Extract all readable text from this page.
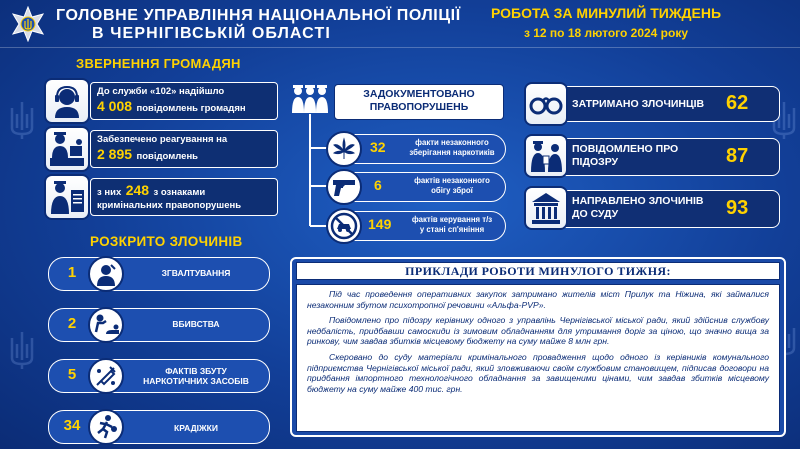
ГОЛОВНЕ УПРАВЛІННЯ НАЦІОНАЛЬНОЇ ПОЛІЦІЇ
В ЧЕРНІГІВСЬКІЙ ОБЛАСТІ
РОБОТА ЗА МИНУЛИЙ ТИЖДЕНЬ
з 12 по 18 лютого 2024 року
ЗВЕРНЕННЯ ГРОМАДЯН
До служби «102» надійшло
4 008 повідомлень громадян
Забезпечено реагування на
2 895 повідомлень
з них 248 з ознаками
кримінальних правопорушень
ЗАДОКУМЕНТОВАНО
ПРАВОПОРУШЕНЬ
32	факти незаконного
зберігання наркотиків
6	фактів незаконного
обігу зброї
149	фактів керування т/з
у стані сп'яніння
ЗАТРИМАНО ЗЛОЧИНЦІВ 62
ПОВІДОМЛЕНО ПРО
ПІДОЗРУ	87
НАПРАВЛЕНО ЗЛОЧИНІВ
ДО СУДУ	93
РОЗКРИТО ЗЛОЧИНІВ
1	ЗГВАЛТУВАННЯ
2	ВБИВСТВА
5	ФАКТІВ ЗБУТУ
НАРКОТИЧНИХ ЗАСОБІВ
34	КРАДІЖКИ
ПРИКЛАДИ РОБОТИ МИНУЛОГО ТИЖНЯ:

Під час проведення оперативних закупок затримано жителів міст Прилук та Ніжина, які займалися незаконним збутом психотропної речовини «Альфа-PVP».

Повідомлено про підозру керівнику одного з управлінь Чернігівської міської ради, який здійснив службову недбалість, придбавши самоскиди із зимовим обладнанням для утримання доріг за ціною, що значно вища за ринкову, чим завдав збитків місцевому бюджету на суму майже 8 млн грн.

Скеровано до суду матеріали кримінального провадження щодо одного із керівників комунального підприємства Чернігівської міської ради, який зловживаючи своїм службовим становищем, підписав договори на придбання імпортного технологічного обладнання за завищеними цінами, чим завдав збитків місцевому бюджету на суму майже 400 тис. грн.
